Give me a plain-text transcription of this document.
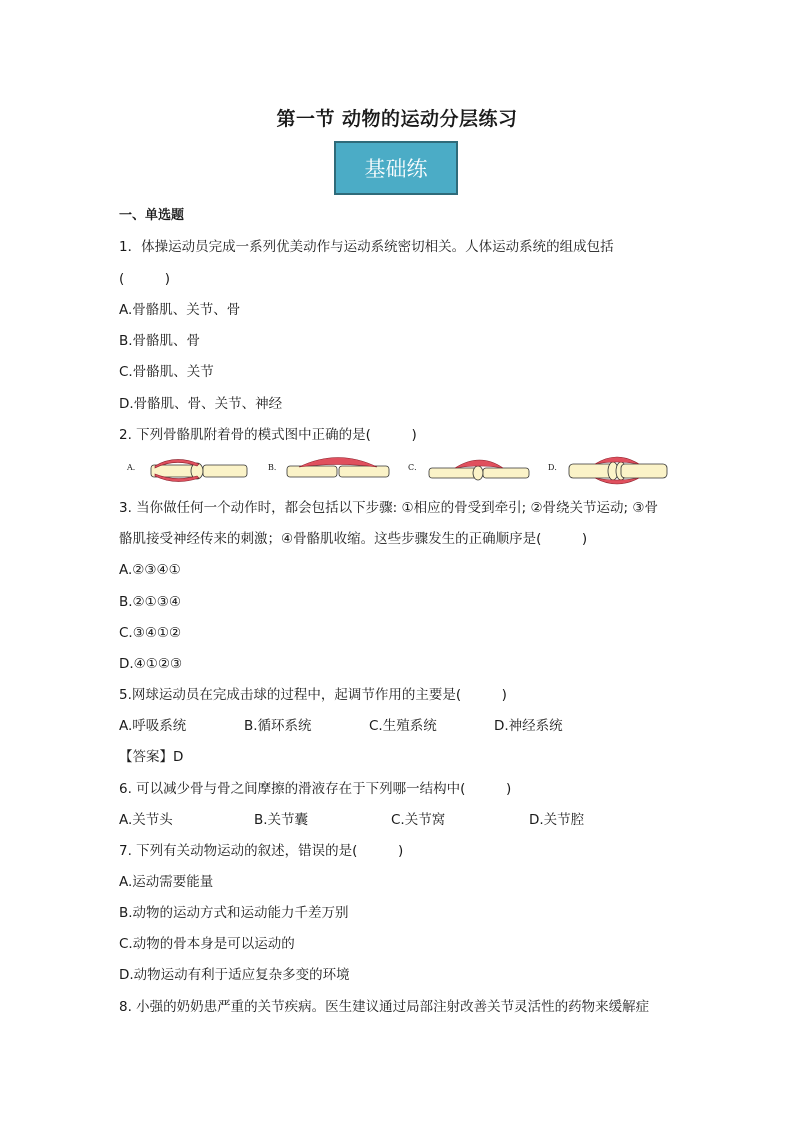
第一节 动物的运动分层练习
基础练
一、单选题
1．体操运动员完成一系列优美动作与运动系统密切相关。人体运动系统的组成包括
(　　　)
A.骨骼肌、关节、骨
B.骨骼肌、骨
C.骨骼肌、关节
D.骨骼肌、骨、关节、神经
2. 下列骨骼肌附着骨的模式图中正确的是(　　　)
A．	B．	C．	D．
3. 当你做任何一个动作时，都会包括以下步骤: ①相应的骨受到牵引; ②骨绕关节运动; ③骨
骼肌接受神经传来的刺激；④骨骼肌收缩。这些步骤发生的正确顺序是(　　　)
A.②③④①
B.②①③④
C.③④①②
D.④①②③
5.网球运动员在完成击球的过程中，起调节作用的主要是(　　　)
A.呼吸系统	B.循环系统	C.生殖系统	D.神经系统
【答案】D
6. 可以减少骨与骨之间摩擦的滑液存在于下列哪一结构中(　　　)
A.关节头	B.关节囊	C.关节窝	D.关节腔
7. 下列有关动物运动的叙述，错误的是(　　　)
A.运动需要能量
B.动物的运动方式和运动能力千差万别
C.动物的骨本身是可以运动的
D.动物运动有利于适应复杂多变的环境
8. 小强的奶奶患严重的关节疾病。医生建议通过局部注射改善关节灵活性的药物来缓解症
